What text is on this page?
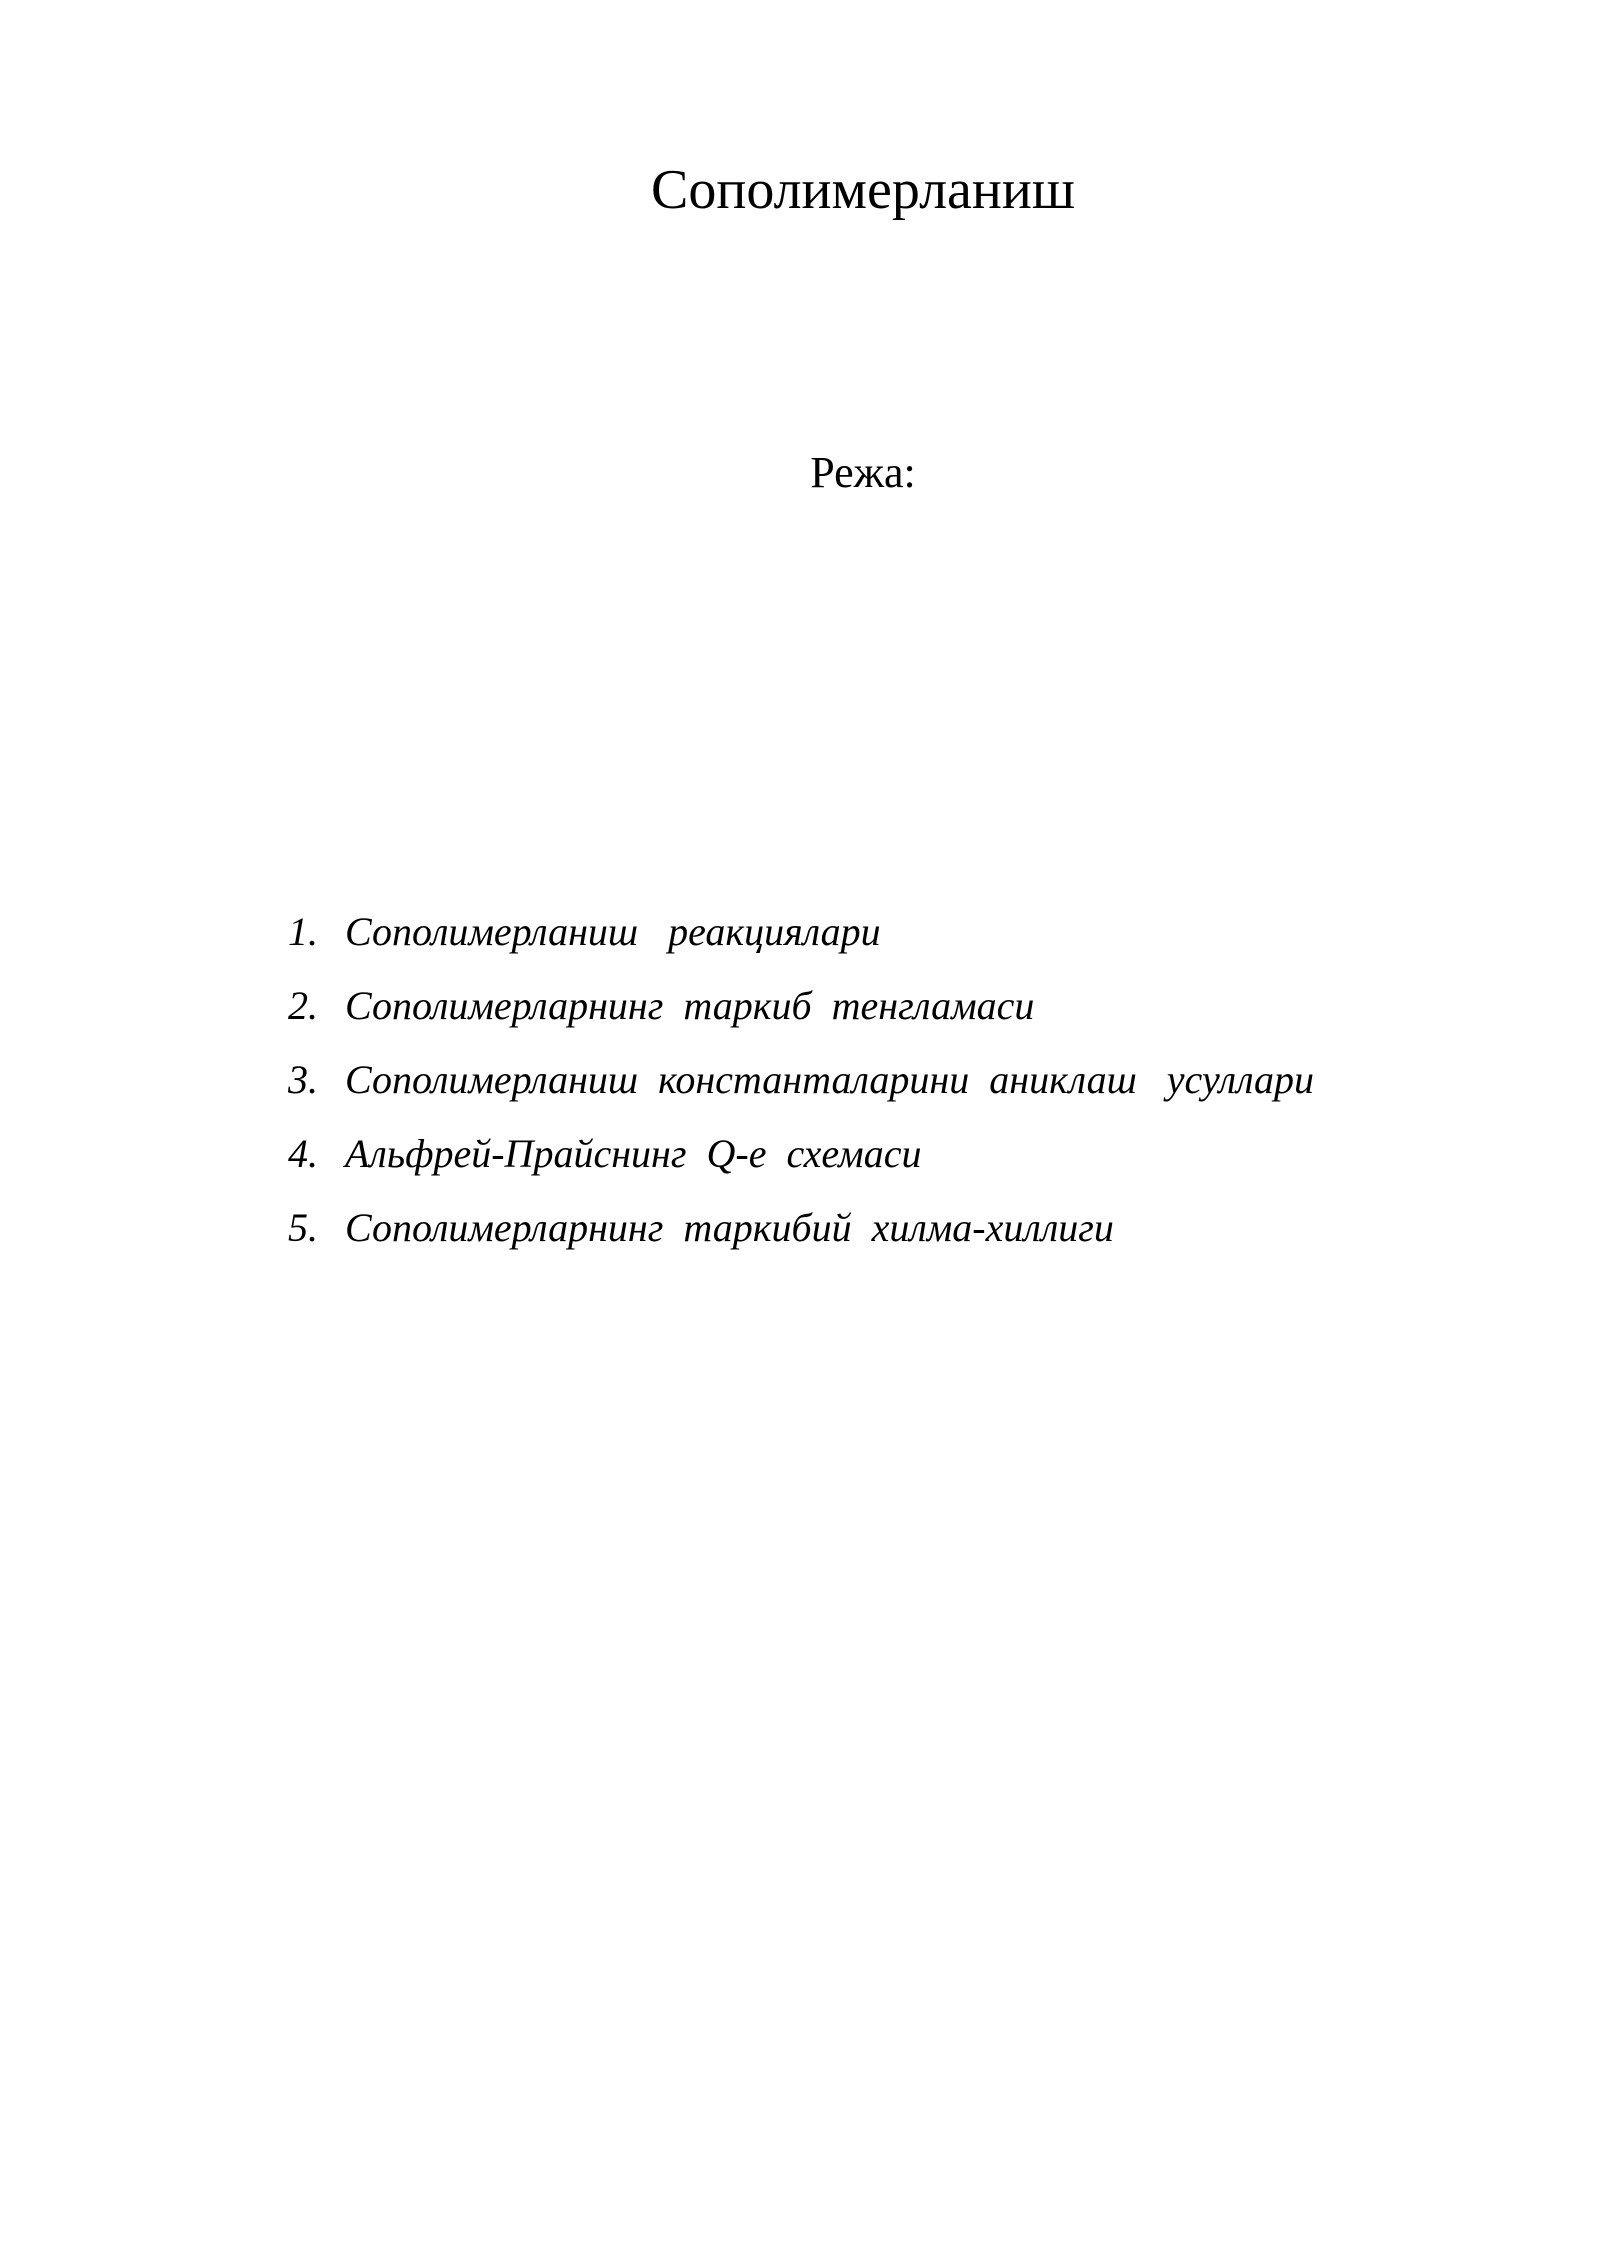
Сополимерланиш
Режа:

1. Сополимерланиш   реакциялари

2. Сополимерларнинг  таркиб  тенгламаси

3. Сополимерланиш  константаларини  аниклаш   усуллари

4. Альфрей-Прайснинг  Q-e  схемаси

5. Сополимерларнинг  таркибий  хилма-хиллиги
